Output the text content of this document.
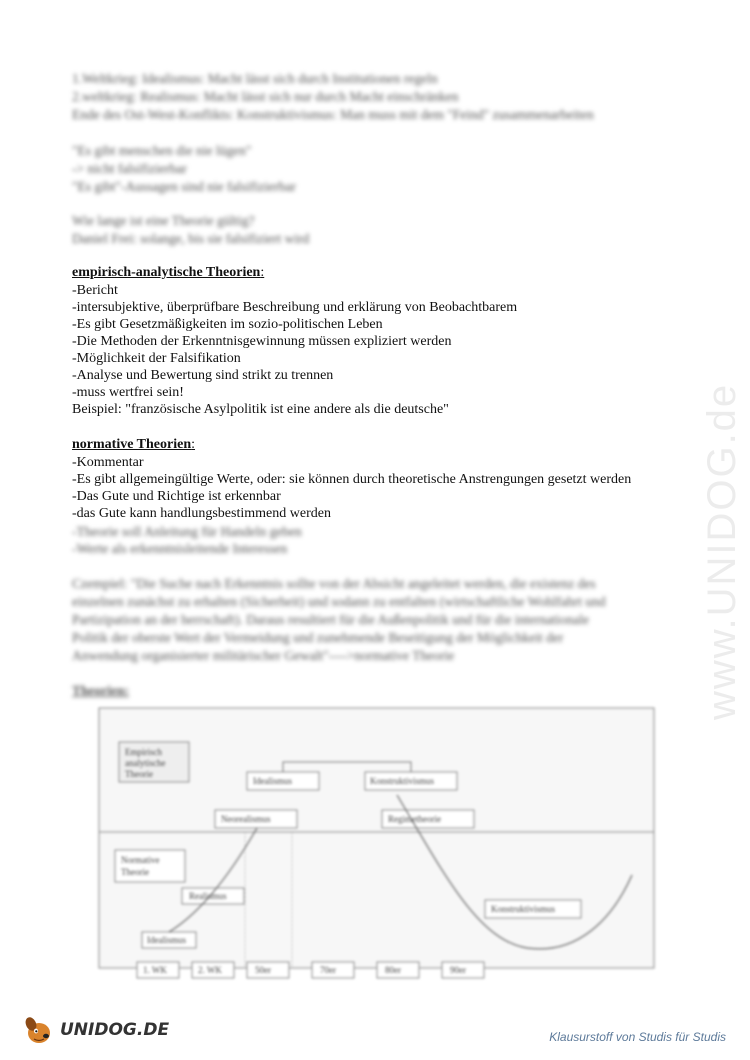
www.UNIDOG.de
1.Weltkrieg: Idealismus: Macht lässt sich durch Institutionen regeln
2.weltkrieg: Realismus: Macht lässt sich nur durch Macht einschränken
Ende des Ost-West-Konflikts: Konstruktivismus: Man muss mit dem "Feind" zusammenarbeiten
"Es gibt menschen die nie lügen"
-> nicht falsifizierbar
"Es gibt"-Aussagen sind nie falsifizierbar
Wie lange ist eine Theorie gültig?
Daniel Frei: solange, bis sie falsifiziert wird
empirisch-analytische Theorien:
-Bericht
-intersubjektive, überprüfbare Beschreibung und erklärung von Beobachtbarem
-Es gibt Gesetzmäßigkeiten im sozio-politischen Leben
-Die Methoden der Erkenntnisgewinnung müssen expliziert werden
-Möglichkeit der Falsifikation
-Analyse und Bewertung sind strikt zu trennen
-muss wertfrei sein!
Beispiel: "französische Asylpolitik ist eine andere als die deutsche"
normative Theorien:
-Kommentar
-Es gibt allgemeingültige Werte, oder: sie können durch theoretische Anstrengungen gesetzt werden
-Das Gute und Richtige ist erkennbar
-das Gute kann handlungsbestimmend werden
-Theorie soll Anleitung für Handeln geben
-Werte als erkenntnisleitende Interessen
Czempiel: "Die Suche nach Erkenntnis sollte von der Absicht angeleitet werden, die existenz des
einzelnen zunächst zu erhalten (Sicherheit) und sodann zu entfalten (wirtschaftliche Wohlfahrt und
Partizipation an der herrschaft). Daraus resultiert für die Außenpolitik und für die internationale
Politik der oberste Wert der Vermeidung und zunehmende Beseitigung der Möglichkeit der
Anwendung organisierter militärischer Gewalt"---->normative Theorie
Theorien:
Empirisch
analytische
Theorie
Idealismus	Konstruktivismus
Neorealismus	Regimetheorie
Normative
Theorie
Realismus
Idealismus
Konstruktivismus
1. WK	2. WK	50er	70er	80er	90er
UNIDOG.DE	Klausurstoff von Studis für Studis
